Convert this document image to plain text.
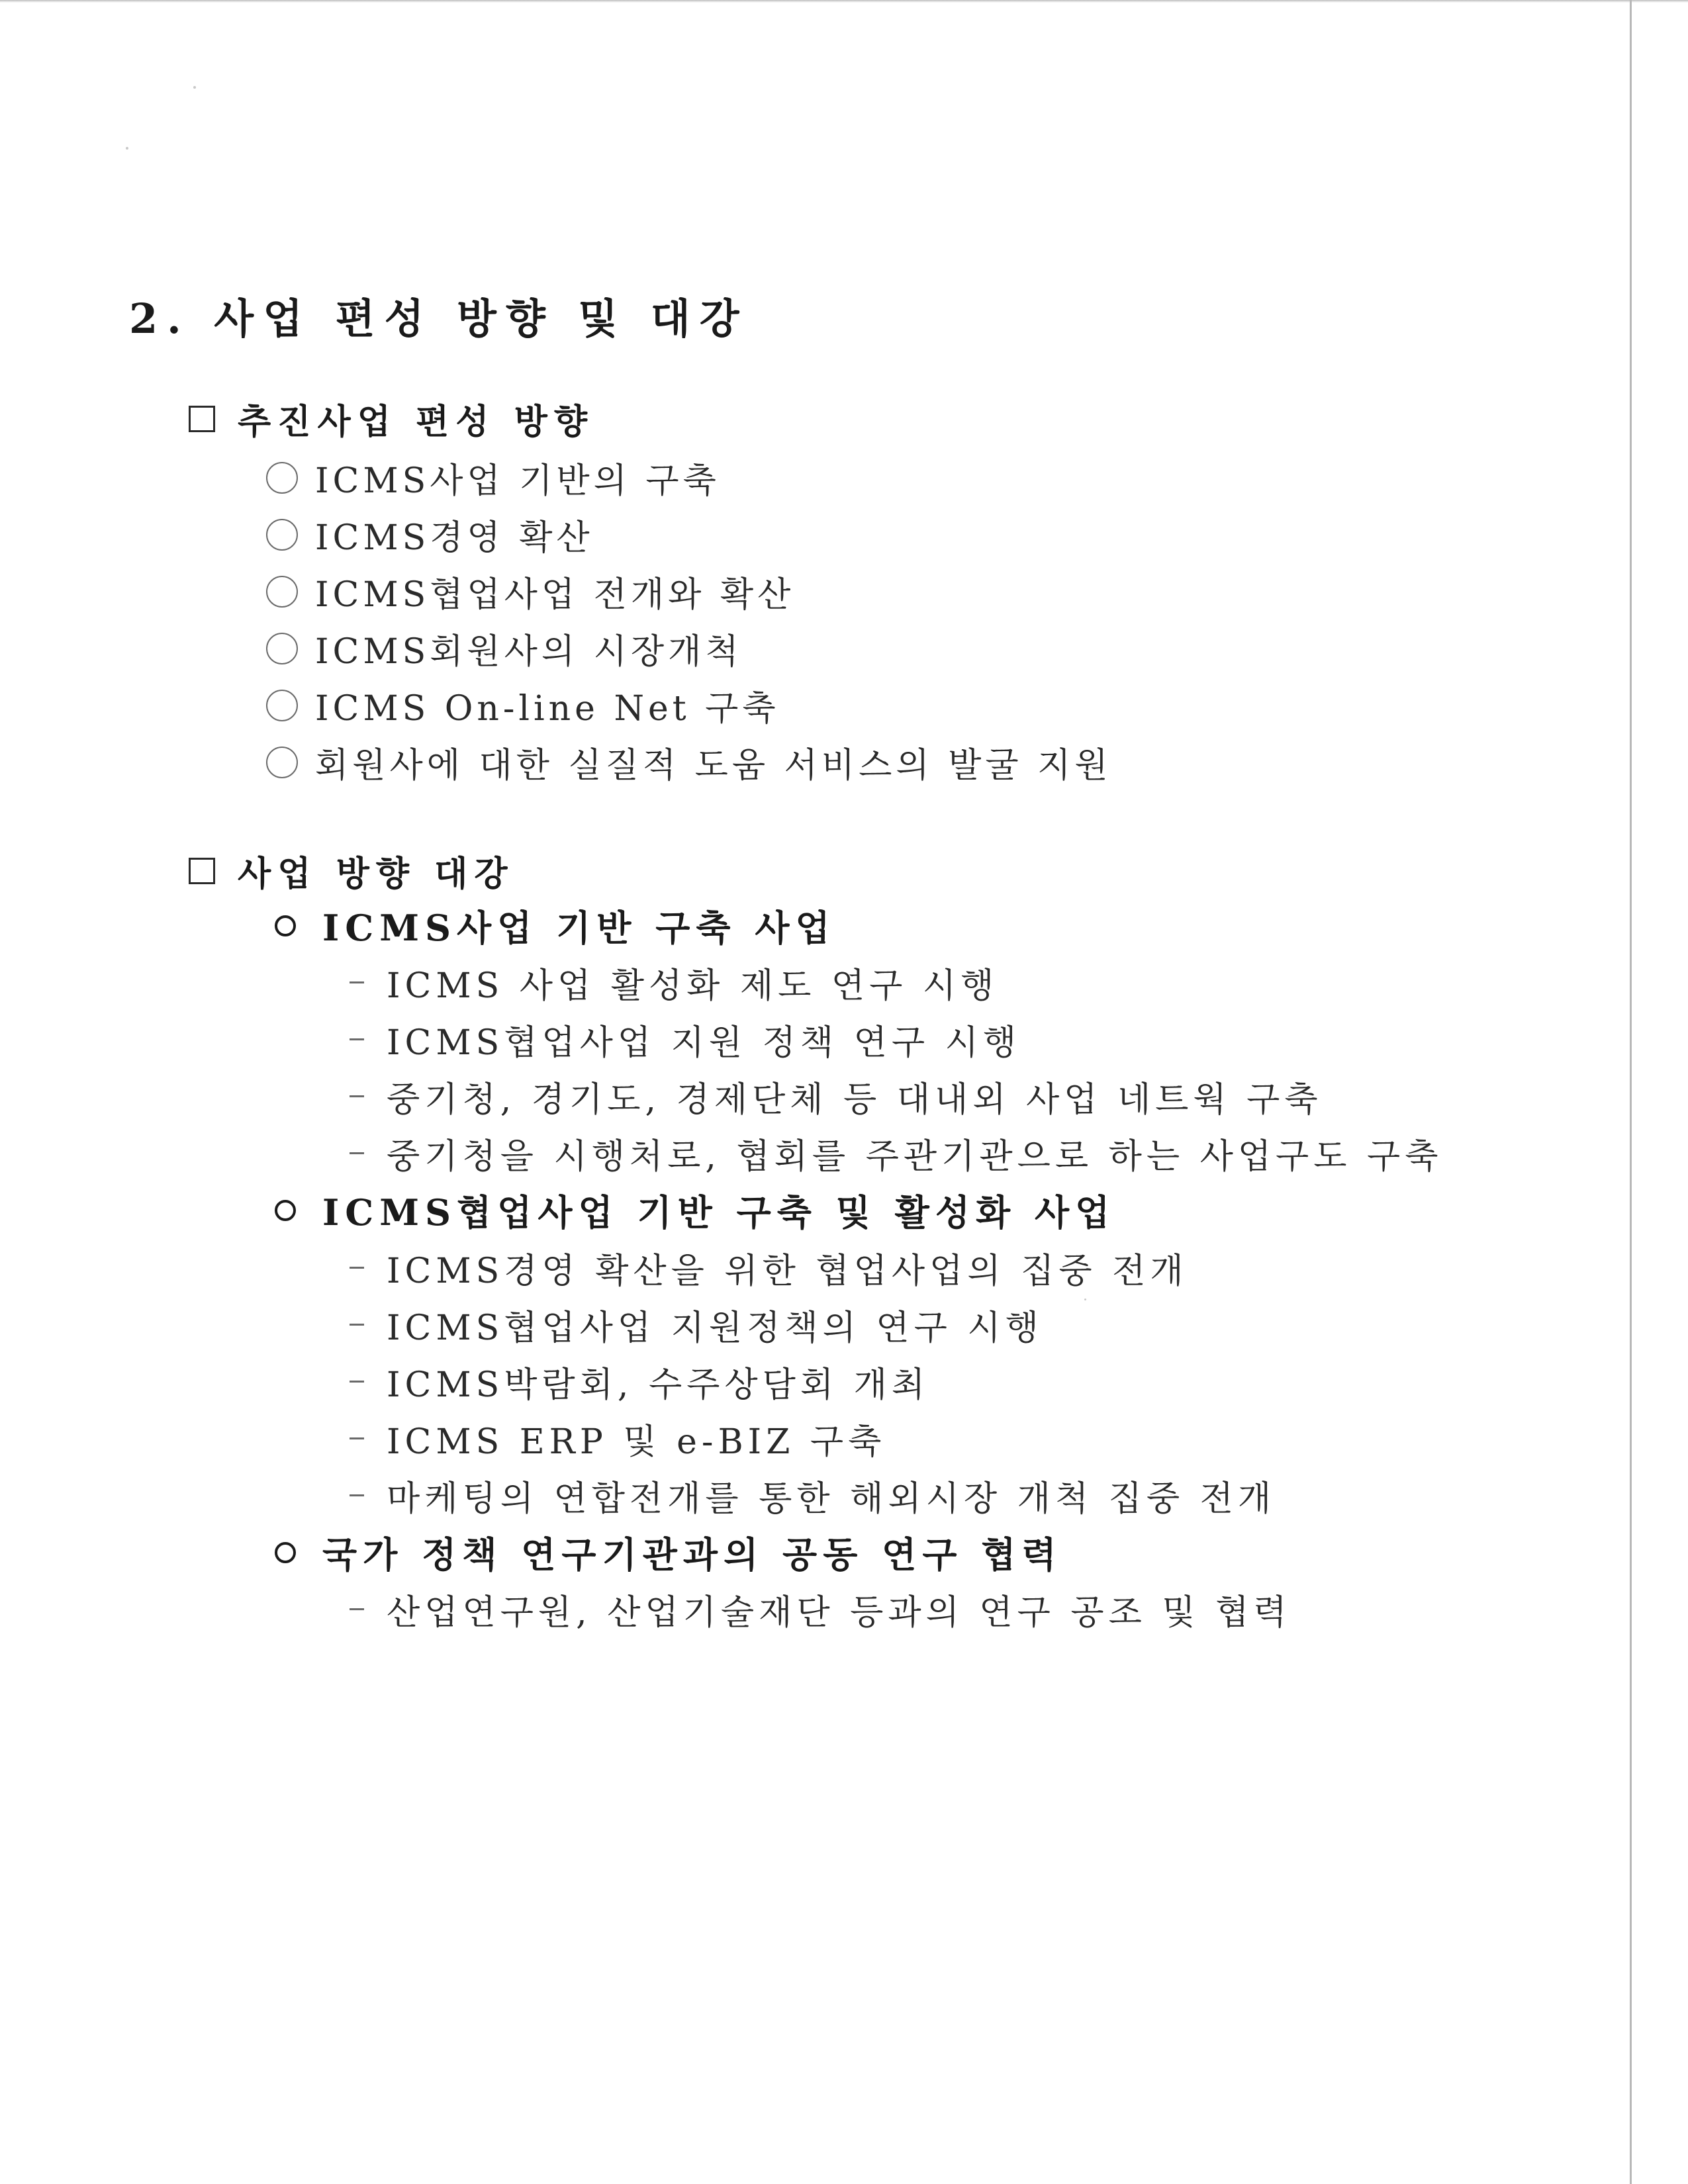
2. 사업 편성 방향 및 대강
추진사업 편성 방향
ICMS사업 기반의 구축
ICMS경영 확산
ICMS협업사업 전개와 확산
ICMS회원사의 시장개척
ICMS On-line Net 구축
회원사에 대한 실질적 도움 서비스의 발굴 지원
사업 방향 대강
ICMS사업 기반 구축 사업
ICMS 사업 활성화 제도 연구 시행
ICMS협업사업 지원 정책 연구 시행
중기청, 경기도, 경제단체 등 대내외 사업 네트웍 구축
중기청을 시행처로, 협회를 주관기관으로 하는 사업구도 구축
ICMS협업사업 기반 구축 및 활성화 사업
ICMS경영 확산을 위한 협업사업의 집중 전개
ICMS협업사업 지원정책의 연구 시행
ICMS박람회, 수주상담회 개최
ICMS ERP 및 e-BIZ 구축
마케팅의 연합전개를 통한 해외시장 개척 집중 전개
국가 정책 연구기관과의 공동 연구 협력
산업연구원, 산업기술재단 등과의 연구 공조 및 협력
